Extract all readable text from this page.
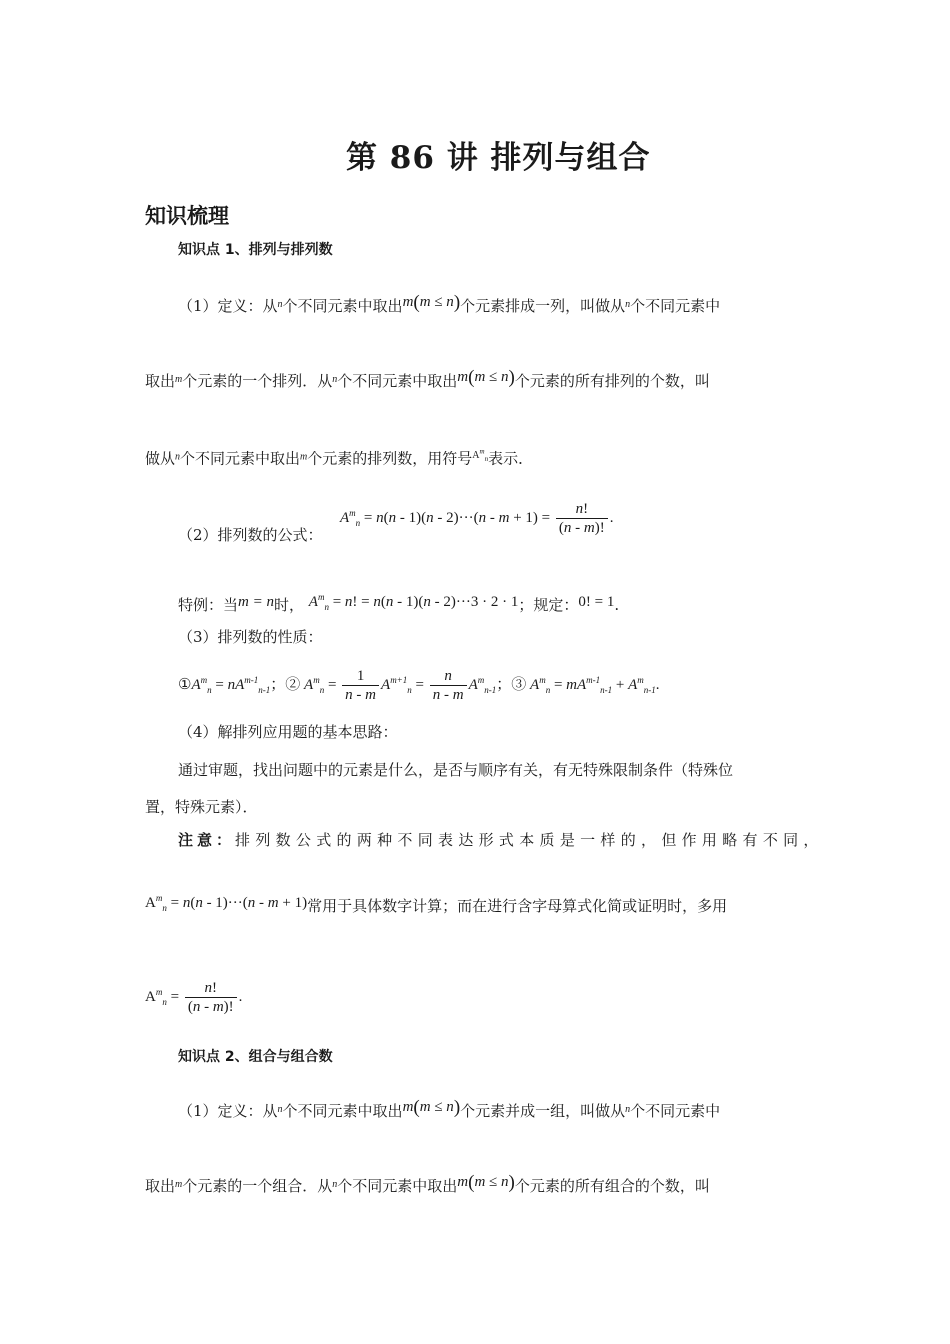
第 86 讲 排列与组合
知识梳理
知识点 1、排列与排列数
（1）定义：从$^n$个不同元素中取出m(m ≤ n)个元素排成一列，叫做从$^n$个不同元素中
取出$^m$个元素的一个排列．从$^n$个不同元素中取出m(m ≤ n)个元素的所有排列的个数，叫
做从$^n$个不同元素中取出$^m$个元素的排列数，用符号$^{A^m_n}$表示．
（2）排列数的公式：
$A^m_n = n(n - 1)(n - 2)\cdot\cdot\cdot(n - m + 1) = \frac{n!}{(n - m)!}$ .
特例：当m = n时， $A^m_n = n$! = n(n - 1)(n - 2)···3 · 2 · 1；规定：0! = 1.
（3）排列数的性质：
$①A^m_n = nA^{m-1}_{n-1}$；② $A^m_n = \frac{1}{n - m} A^{m+1}_n = \frac{n}{n - m} A^m_{n-1}$；③ $A^m_n = mA^{m-1}_{n-1} + A^m_{n-1}$.
（4）解排列应用题的基本思路：
通过审题，找出问题中的元素是什么，是否与顺序有关，有无特殊限制条件（特殊位
置，特殊元素）．
注意：排列数公式的两种不同表达形式本质是一样的，但作用略有不同，
$A^m_n = n(n - 1)\cdot\cdot\cdot(n - m + 1)$常用于具体数字计算；而在进行含字母算式化简或证明时，多用
$A^m_n = \frac{n!}{(n - m)!}$ .
知识点 2、组合与组合数
（1）定义：从$^n$个不同元素中取出m(m ≤ n)个元素并成一组，叫做从$^n$个不同元素中
取出$^m$个元素的一个组合．从$^n$个不同元素中取出m(m ≤ n)个元素的所有组合的个数，叫
